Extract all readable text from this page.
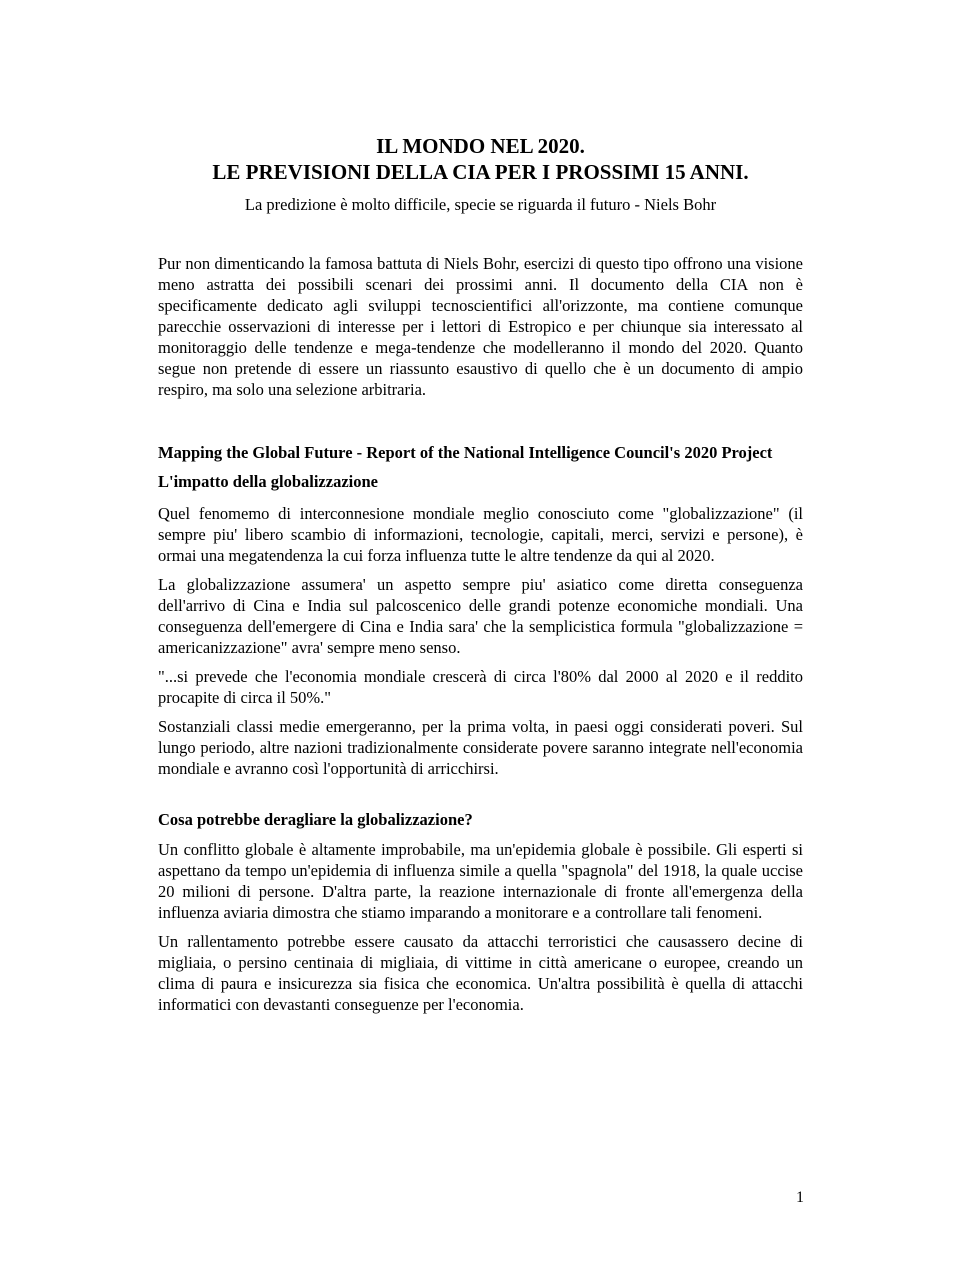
IL MONDO NEL 2020.
LE PREVISIONI DELLA CIA PER I PROSSIMI 15 ANNI.

La predizione è molto difficile, specie se riguarda il futuro - Niels Bohr

Pur non dimenticando la famosa battuta di Niels Bohr, esercizi di questo tipo offrono una visione meno astratta dei possibili scenari dei prossimi anni. Il documento della CIA non è specificamente dedicato agli sviluppi tecnoscientifici all'orizzonte, ma contiene comunque parecchie osservazioni di interesse per i lettori di Estropico e per chiunque sia interessato al monitoraggio delle tendenze e mega-tendenze che modelleranno il mondo del 2020. Quanto segue non pretende di essere un riassunto esaustivo di quello che è un documento di ampio respiro, ma solo una selezione arbitraria.

Mapping the Global Future - Report of the National Intelligence Council's 2020 Project

L'impatto della globalizzazione

Quel fenomemo di interconnesione mondiale meglio conosciuto come "globalizzazione" (il sempre piu' libero scambio di informazioni, tecnologie, capitali, merci, servizi e persone), è ormai una megatendenza la cui forza influenza tutte le altre tendenze da qui al 2020.

La globalizzazione assumera' un aspetto sempre piu' asiatico come diretta conseguenza dell'arrivo di Cina e India sul palcoscenico delle grandi potenze economiche mondiali. Una conseguenza dell'emergere di Cina e India sara' che la semplicistica formula "globalizzazione = americanizzazione" avra' sempre meno senso.

"...si prevede che l'economia mondiale crescerà di circa l'80% dal 2000 al 2020 e il reddito procapite di circa il 50%."

Sostanziali classi medie emergeranno, per la prima volta, in paesi oggi considerati poveri. Sul lungo periodo, altre nazioni tradizionalmente considerate povere saranno integrate nell'economia mondiale e avranno così l'opportunità di arricchirsi.

Cosa potrebbe deragliare la globalizzazione?

Un conflitto globale è altamente improbabile, ma un'epidemia globale è possibile. Gli esperti si aspettano da tempo un'epidemia di influenza simile a quella "spagnola" del 1918, la quale uccise 20 milioni di persone. D'altra parte, la reazione internazionale di fronte all'emergenza della influenza aviaria dimostra che stiamo imparando a monitorare e a controllare tali fenomeni.

Un rallentamento potrebbe essere causato da attacchi terroristici che causassero decine di migliaia, o persino centinaia di migliaia, di vittime in città americane o europee, creando un clima di paura e insicurezza sia fisica che economica. Un'altra possibilità è quella di attacchi informatici con devastanti conseguenze per l'economia.

1
